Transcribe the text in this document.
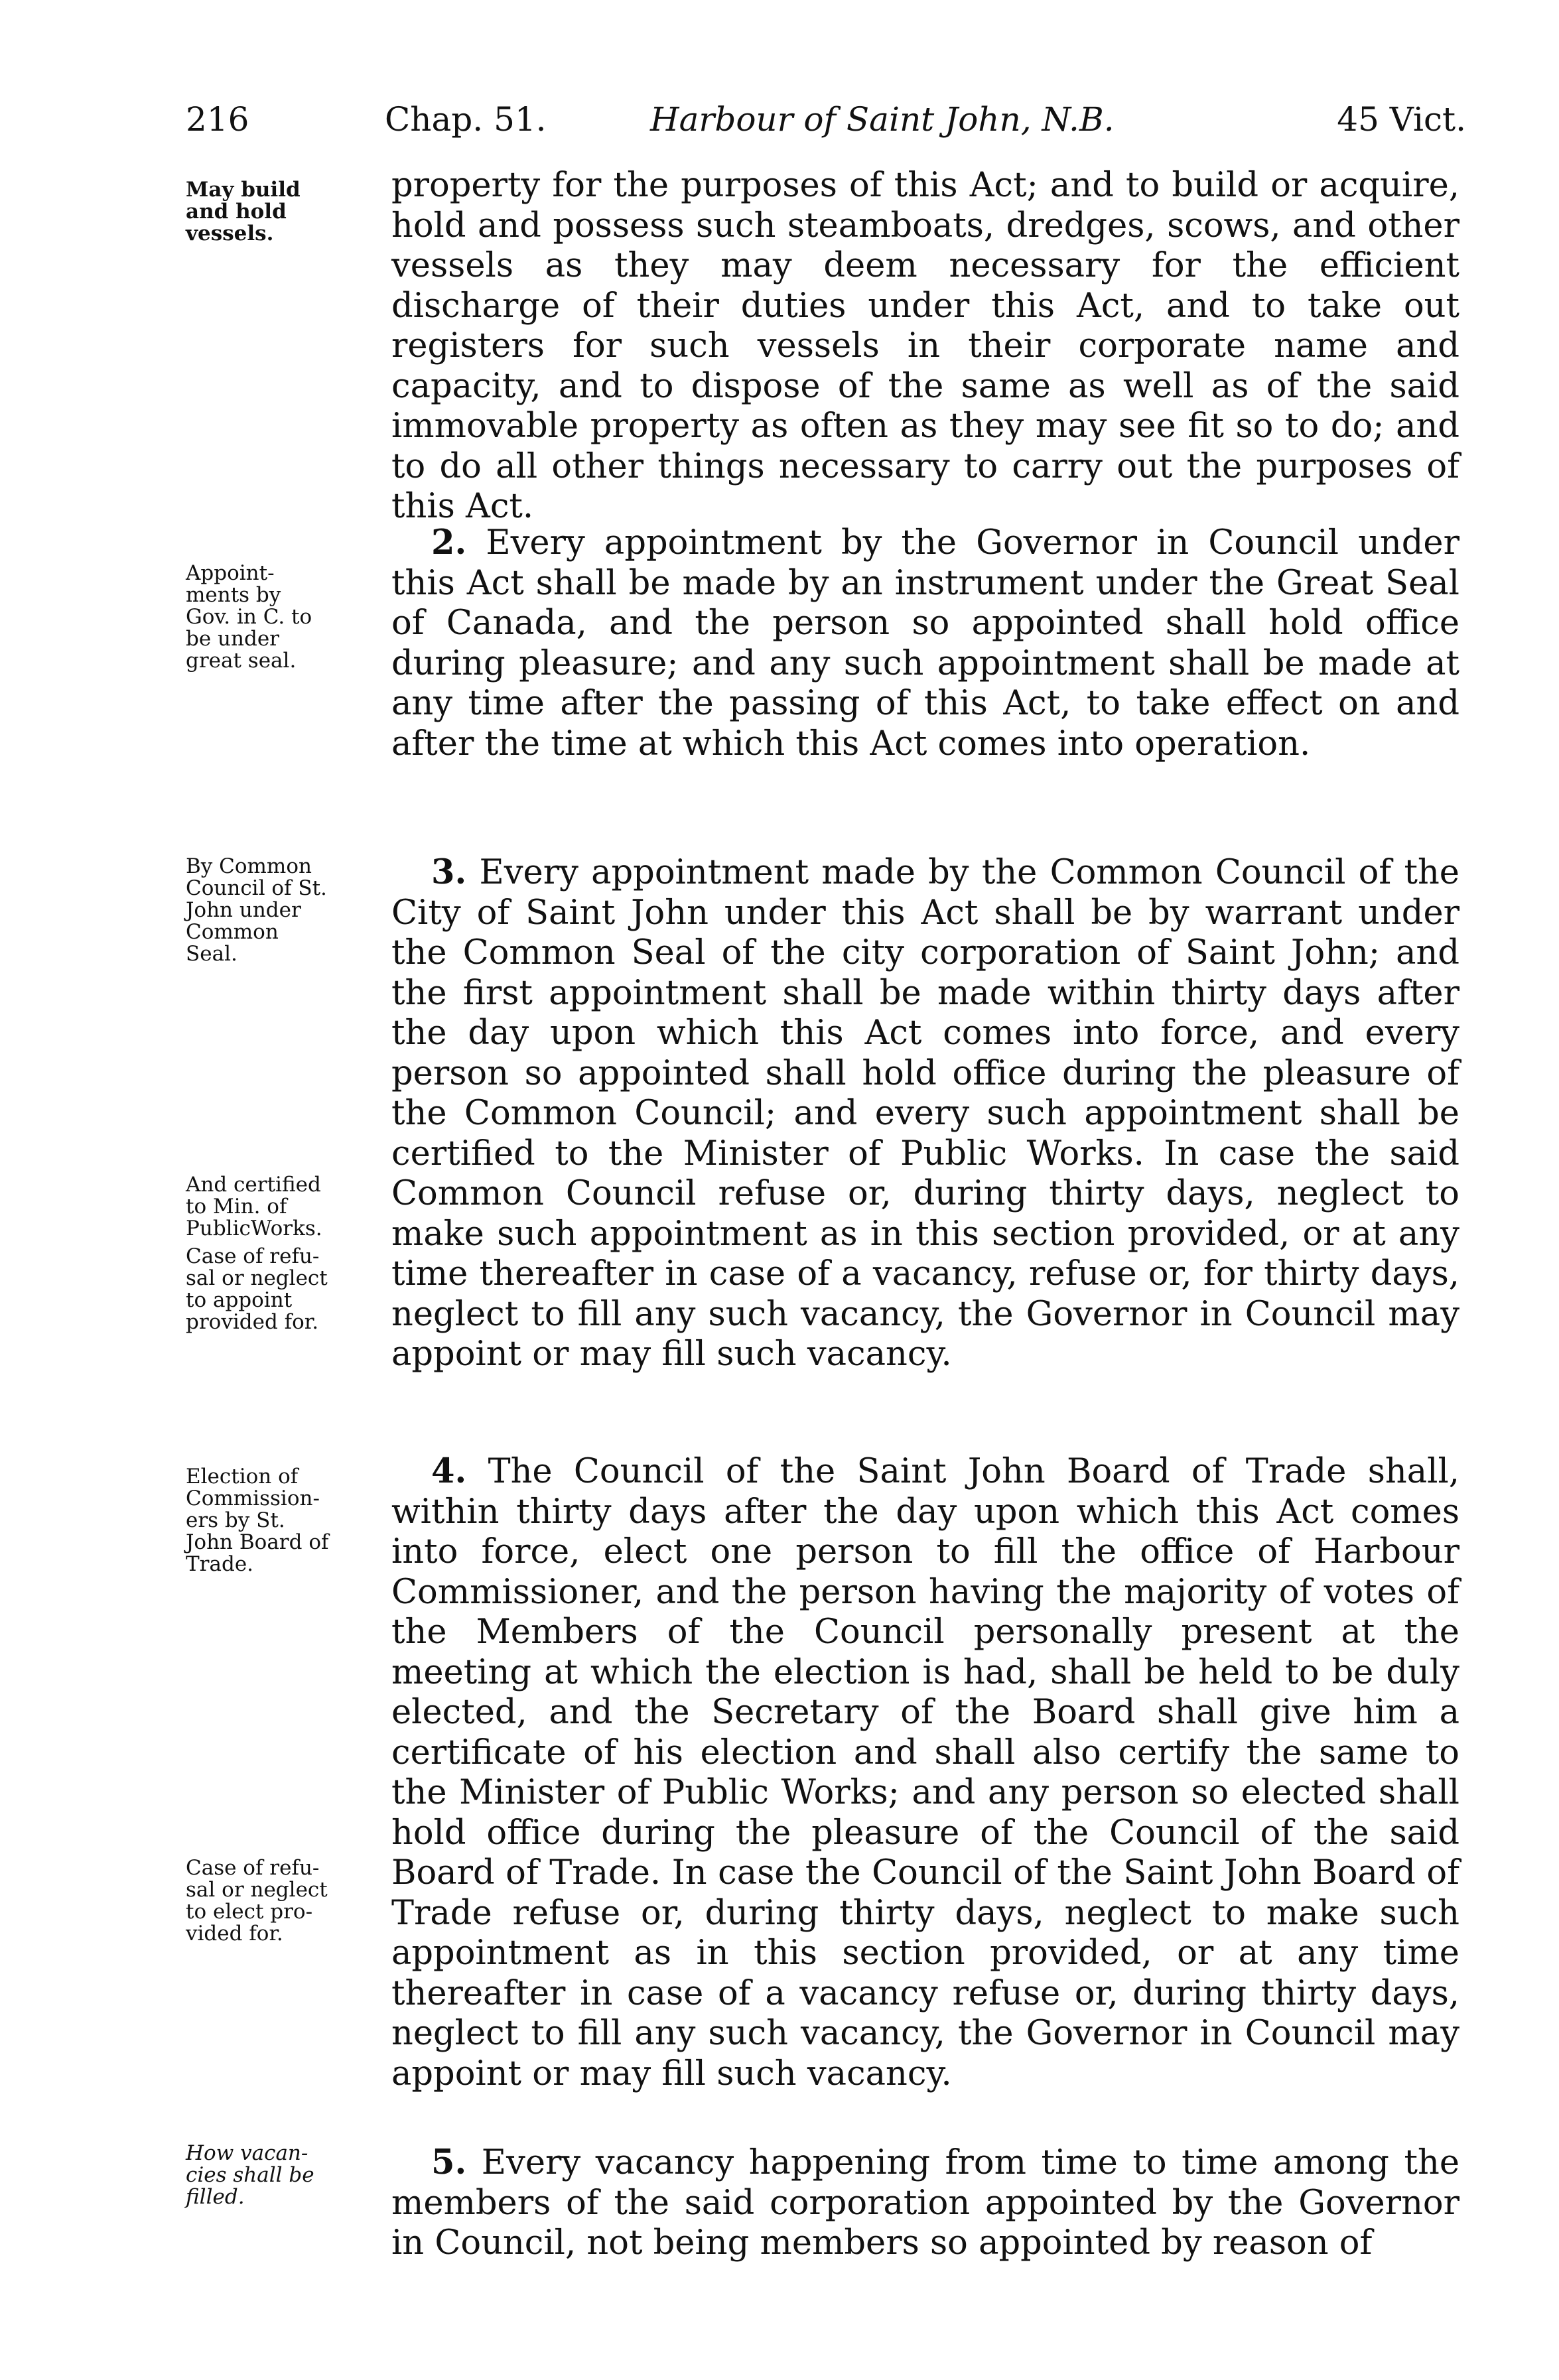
216	Chap. 51.	Harbour of Saint John, N.B.	45 Vict.
May build
and hold
vessels.
Appoint-
ments by
Gov. in C. to
be under
great seal.
By Common
Council of St.
John under
Common
Seal.
And certified
to Min. of
PublicWorks.
Case of refu-
sal or neglect
to appoint
provided for.
Election of
Commission-
ers by St.
John Board of
Trade.
Case of refu-
sal or neglect
to elect pro-
vided for.
How vacan-
cies shall be
filled.

property for the purposes of this Act; and to build or acquire, hold and possess such steamboats, dredges, scows, and other vessels as they may deem necessary for the efficient discharge of their duties under this Act, and to take out registers for such vessels in their corporate name and capacity, and to dispose of the same as well as of the said immovable property as often as they may see fit so to do; and to do all other things necessary to carry out the purposes of this Act.

2. Every appointment by the Governor in Council under this Act shall be made by an instrument under the Great Seal of Canada, and the person so appointed shall hold office during pleasure; and any such appointment shall be made at any time after the passing of this Act, to take effect on and after the time at which this Act comes into operation.

3. Every appointment made by the Common Council of the City of Saint John under this Act shall be by warrant under the Common Seal of the city corporation of Saint John; and the first appointment shall be made within thirty days after the day upon which this Act comes into force, and every person so appointed shall hold office during the pleasure of the Common Council; and every such appointment shall be certified to the Minister of Public Works. In case the said Common Council refuse or, during thirty days, neglect to make such appointment as in this section provided, or at any time thereafter in case of a vacancy, refuse or, for thirty days, neglect to fill any such vacancy, the Governor in Council may appoint or may fill such vacancy.

4. The Council of the Saint John Board of Trade shall, within thirty days after the day upon which this Act comes into force, elect one person to fill the office of Harbour Commissioner, and the person having the majority of votes of the Members of the Council personally present at the meeting at which the election is had, shall be held to be duly elected, and the Secretary of the Board shall give him a certificate of his election and shall also certify the same to the Minister of Public Works; and any person so elected shall hold office during the pleasure of the Council of the said Board of Trade. In case the Council of the Saint John Board of Trade refuse or, during thirty days, neglect to make such appointment as in this section provided, or at any time thereafter in case of a vacancy refuse or, during thirty days, neglect to fill any such vacancy, the Governor in Council may appoint or may fill such vacancy.

5. Every vacancy happening from time to time among the members of the said corporation appointed by the Governor in Council, not being members so appointed by reason of
